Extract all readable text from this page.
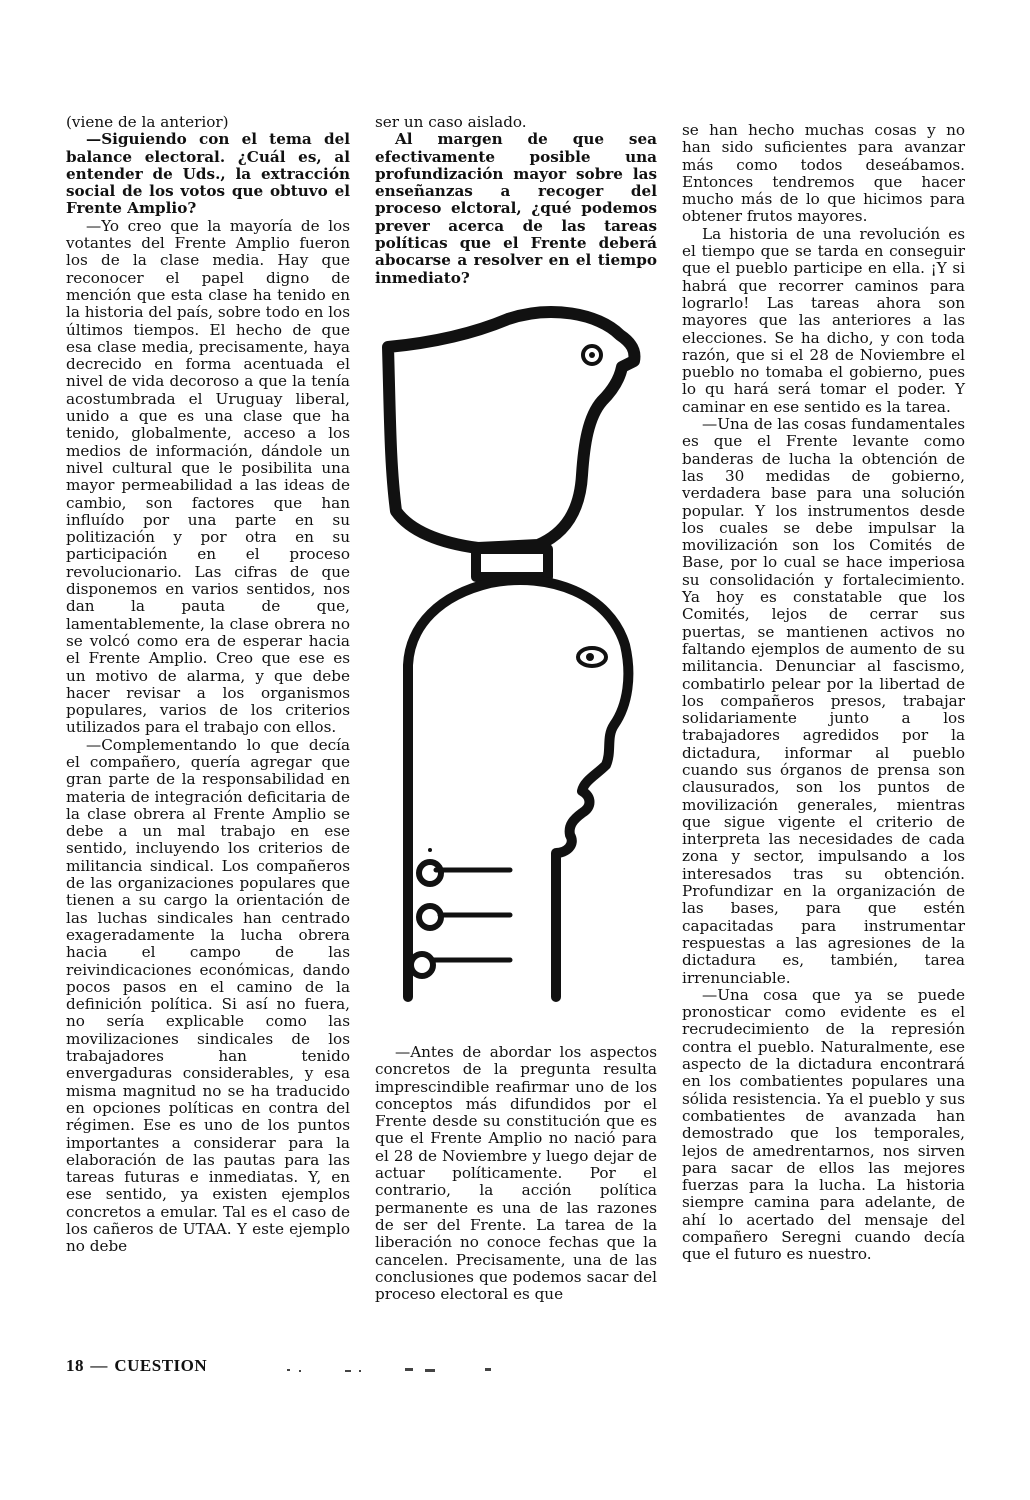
(viene de la anterior)

—Siguiendo con el tema del balance electoral. ¿Cuál es, al entender de Uds., la extracción social de los votos que obtuvo el Frente Amplio?

—Yo creo que la mayoría de los votantes del Frente Amplio fueron los de la clase media. Hay que reconocer el papel digno de mención que esta clase ha tenido en la historia del país, sobre todo en los últimos tiempos. El hecho de que esa clase media, precisamente, haya decrecido en forma acentuada el nivel de vida decoroso a que la tenía acostumbrada el Uruguay liberal, unido a que es una clase que ha tenido, globalmente, acceso a los medios de información, dándole un nivel cultural que le posibilita una mayor permeabilidad a las ideas de cambio, son factores que han influído por una parte en su politización y por otra en su participación en el proceso revolucionario. Las cifras de que disponemos en varios sentidos, nos dan la pauta de que, lamentablemente, la clase obrera no se volcó como era de esperar hacia el Frente Amplio. Creo que ese es un motivo de alarma, y que debe hacer revisar a los organismos populares, varios de los criterios utilizados para el trabajo con ellos.

—Complementando lo que decía el compañero, quería agregar que gran parte de la responsabilidad en materia de integración deficitaria de la clase obrera al Frente Amplio se debe a un mal trabajo en ese sentido, incluyendo los criterios de militancia sindical. Los compañeros de las organizaciones populares que tienen a su cargo la orientación de las luchas sindicales han centrado exageradamente la lucha obrera hacia el campo de las reivindicaciones económicas, dando pocos pasos en el camino de la definición política. Si así no fuera, no sería explicable como las movilizaciones sindicales de los trabajadores han tenido envergaduras considerables, y esa misma magnitud no se ha traducido en opciones políticas en contra del régimen. Ese es uno de los puntos importantes a considerar para la elaboración de las pautas para las tareas futuras e inmediatas. Y, en ese sentido, ya existen ejemplos concretos a emular. Tal es el caso de los cañeros de UTAA. Y este ejemplo no debe

ser un caso aislado.

Al margen de que sea efectivamente posible una profundización mayor sobre las enseñanzas a recoger del proceso elctoral, ¿qué podemos prever acerca de las tareas políticas que el Frente deberá abocarse a resolver en el tiempo inmediato?

—Antes de abordar los aspectos concretos de la pregunta resulta imprescindible reafirmar uno de los conceptos más difundidos por el Frente desde su constitución que es que el Frente Amplio no nació para el 28 de Noviembre y luego dejar de actuar políticamente. Por el contrario, la acción política permanente es una de las razones de ser del Frente. La tarea de la liberación no conoce fechas que la cancelen. Precisamente, una de las conclusiones que podemos sacar del proceso electoral es que

se han hecho muchas cosas y no han sido suficientes para avanzar más como todos deseábamos. Entonces tendremos que hacer mucho más de lo que hicimos para obtener frutos mayores.

La historia de una revolución es el tiempo que se tarda en conseguir que el pueblo participe en ella. ¡Y si habrá que recorrer caminos para lograrlo! Las tareas ahora son mayores que las anteriores a las elecciones. Se ha dicho, y con toda razón, que si el 28 de Noviembre el pueblo no tomaba el gobierno, pues lo qu hará será tomar el poder. Y caminar en ese sentido es la tarea.

—Una de las cosas fundamentales es que el Frente levante como banderas de lucha la obtención de las 30 medidas de gobierno, verdadera base para una solución popular. Y los instrumentos desde los cuales se debe impulsar la movilización son los Comités de Base, por lo cual se hace imperiosa su consolidación y fortalecimiento. Ya hoy es constatable que los Comités, lejos de cerrar sus puertas, se mantienen activos no faltando ejemplos de aumento de su militancia. Denunciar al fascismo, combatirlo pelear por la libertad de los compañeros presos, trabajar solidariamente junto a los trabajadores agredidos por la dictadura, informar al pueblo cuando sus órganos de prensa son clausurados, son los puntos de movilización generales, mientras que sigue vigente el criterio de interpreta las necesidades de cada zona y sector, impulsando a los interesados tras su obtención. Profundizar en la organización de las bases, para que estén capacitadas para instrumentar respuestas a las agresiones de la dictadura es, también, tarea irrenunciable.

—Una cosa que ya se puede pronosticar como evidente es el recrudecimiento de la represión contra el pueblo. Naturalmente, ese aspecto de la dictadura encontrará en los combatientes populares una sólida resistencia. Ya el pueblo y sus combatientes de avanzada han demostrado que los temporales, lejos de amedrentarnos, nos sirven para sacar de ellos las mejores fuerzas para la lucha. La historia siempre camina para adelante, de ahí lo acertado del mensaje del compañero Seregni cuando decía que el futuro es nuestro.

18 — CUESTION
